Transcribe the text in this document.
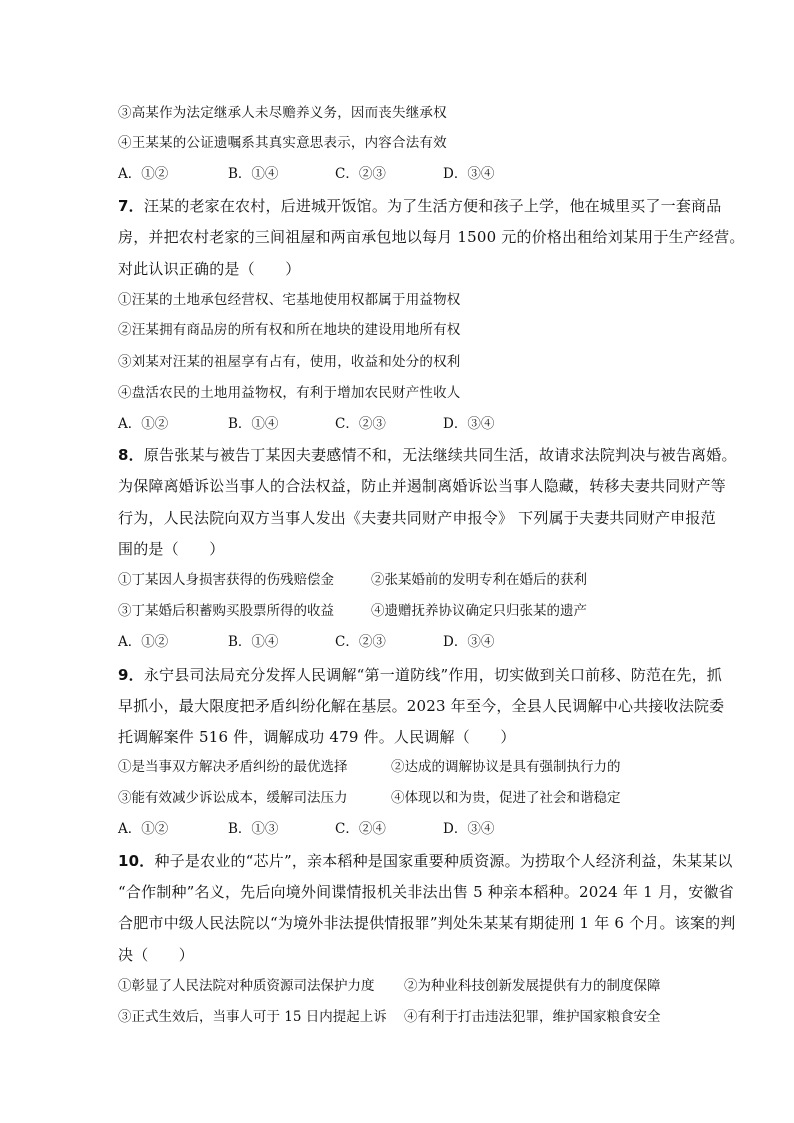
③高某作为法定继承人未尽赡养义务，因而丧失继承权
④王某某的公证遗嘱系其真实意思表示，内容合法有效
A．①②	B．①④	C．②③	D．③④
7．汪某的老家在农村，后进城开饭馆。为了生活方便和孩子上学，他在城里买了一套商品
房，并把农村老家的三间祖屋和两亩承包地以每月 1500 元的价格出租给刘某用于生产经营。
对此认识正确的是（　　）
①汪某的土地承包经营权、宅基地使用权都属于用益物权
②汪某拥有商品房的所有权和所在地块的建设用地所有权
③刘某对汪某的祖屋享有占有，使用，收益和处分的权利
④盘活农民的土地用益物权，有利于增加农民财产性收人
A．①②	B．①④	C．②③	D．③④
8．原告张某与被告丁某因夫妻感情不和，无法继续共同生活，故请求法院判决与被告离婚。
为保障离婚诉讼当事人的合法权益，防止并遏制离婚诉讼当事人隐藏，转移夫妻共同财产等
行为，人民法院向双方当事人发出《夫妻共同财产申报令》 下列属于夫妻共同财产申报范
围的是（　　）
①丁某因人身损害获得的伤残赔偿金	②张某婚前的发明专利在婚后的获利
③丁某婚后积蓄购买股票所得的收益	④遗赠抚养协议确定只归张某的遗产
A．①②	B．①④	C．②③	D．③④
9．永宁县司法局充分发挥人民调解“第一道防线”作用，切实做到关口前移、防范在先，抓
早抓小，最大限度把矛盾纠纷化解在基层。2023 年至今，全县人民调解中心共接收法院委
托调解案件 516 件，调解成功 479 件。人民调解（　　）
①是当事双方解决矛盾纠纷的最优选择	②达成的调解协议是具有强制执行力的
③能有效减少诉讼成本，缓解司法压力	④体现以和为贵，促进了社会和谐稳定
A．①②	B．①③	C．②④	D．③④
10．种子是农业的“芯片”，亲本稻种是国家重要种质资源。为捞取个人经济利益，朱某某以
“合作制种”名义，先后向境外间谍情报机关非法出售 5 种亲本稻种。2024 年 1 月，安徽省
合肥市中级人民法院以“为境外非法提供情报罪”判处朱某某有期徒刑 1 年 6 个月。该案的判
决（　　）
①彰显了人民法院对种质资源司法保护力度 ②为种业科技创新发展提供有力的制度保障
③正式生效后，当事人可于 15 日内提起上诉 ④有利于打击违法犯罪，维护国家粮食安全
